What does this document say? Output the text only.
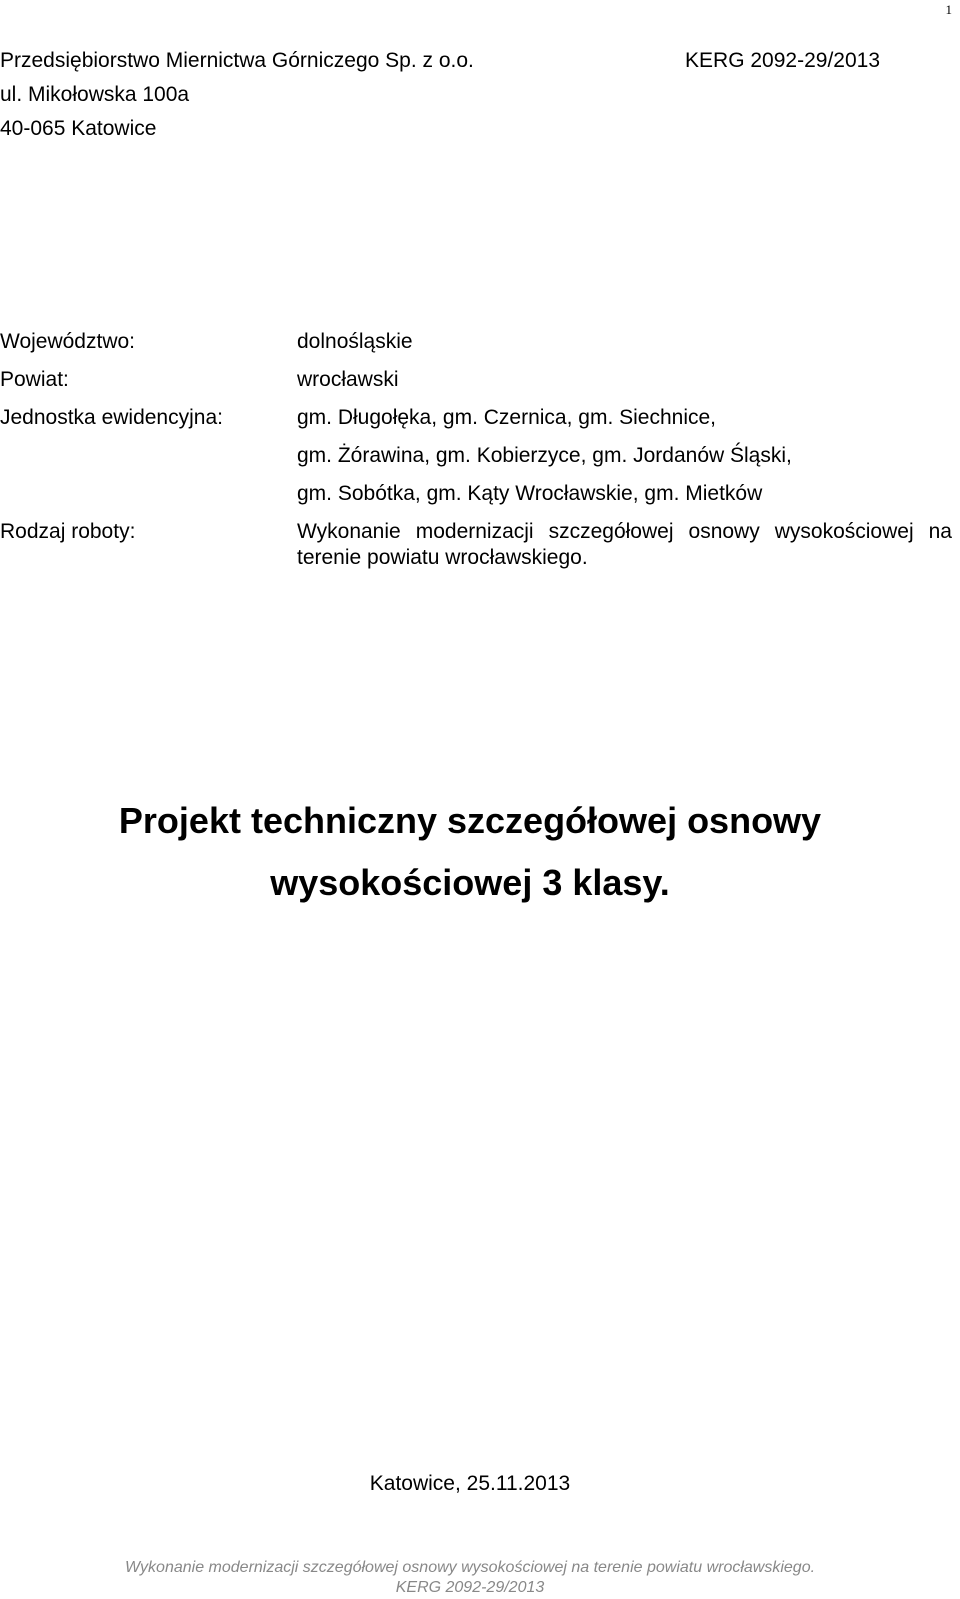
1
Przedsiębiorstwo Miernictwa Górniczego Sp. z o.o.	KERG 2092-29/2013
ul. Mikołowska 100a
40-065 Katowice
Województwo:	dolnośląskie
Powiat:	wrocławski
Jednostka ewidencyjna:	gm. Długołęka, gm. Czernica, gm. Siechnice,
gm. Żórawina, gm. Kobierzyce, gm. Jordanów Śląski,
gm. Sobótka, gm. Kąty Wrocławskie, gm. Mietków
Rodzaj roboty:	Wykonanie modernizacji szczegółowej osnowy wysokościowej na terenie powiatu wrocławskiego.
Projekt techniczny szczegółowej osnowy
wysokościowej 3 klasy.
Katowice, 25.11.2013
Wykonanie modernizacji szczegółowej osnowy wysokościowej na terenie powiatu wrocławskiego.
KERG 2092-29/2013
